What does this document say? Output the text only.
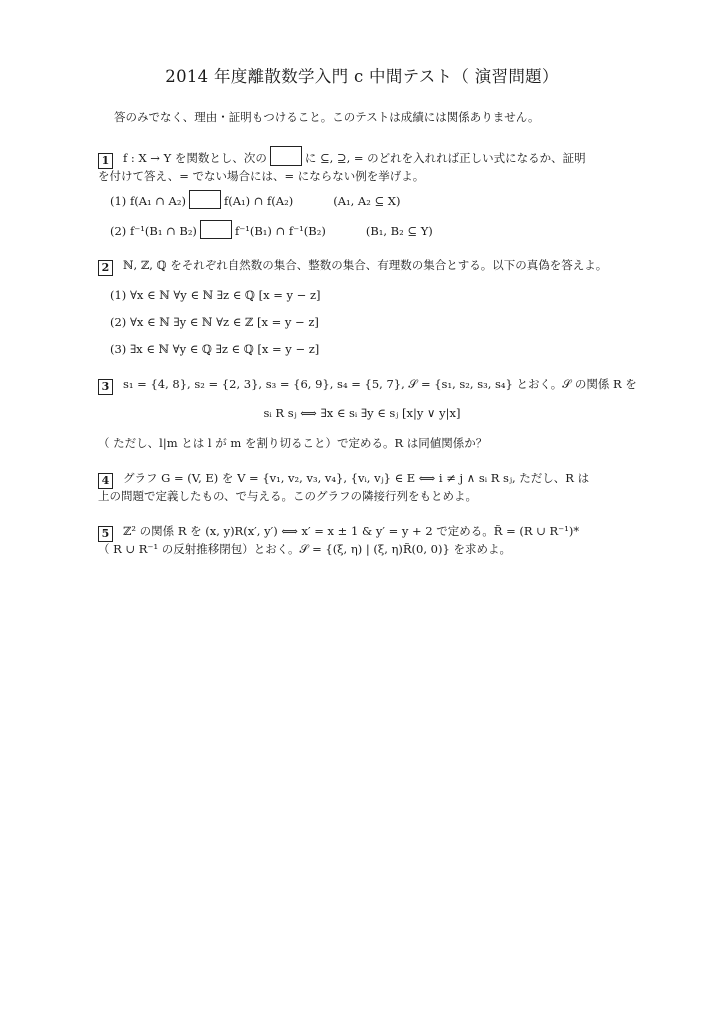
2014 年度離散数学入門 c 中間テスト（ 演習問題）
答のみでなく、理由・証明もつけること。このテストは成績には関係ありません。
1 f : X → Y を関数とし、次の	に ⊆, ⊇, = のどれを入れれば正しい式になるか、証明
を付けて答え、= でない場合には、= にならない例を挙げよ。
(1) f(A₁ ∩ A₂)	f(A₁) ∩ f(A₂)	(A₁, A₂ ⊆ X)
(2) f⁻¹(B₁ ∩ B₂)	f⁻¹(B₁) ∩ f⁻¹(B₂)	(B₁, B₂ ⊆ Y)
2 ℕ, ℤ, ℚ をそれぞれ自然数の集合、整数の集合、有理数の集合とする。以下の真偽を答えよ。
(1) ∀x ∈ ℕ ∀y ∈ ℕ ∃z ∈ ℚ [x = y − z]
(2) ∀x ∈ ℕ ∃y ∈ ℕ ∀z ∈ ℤ [x = y − z]
(3) ∃x ∈ ℕ ∀y ∈ ℚ ∃z ∈ ℚ [x = y − z]
3 s₁ = {4, 8}, s₂ = {2, 3}, s₃ = {6, 9}, s₄ = {5, 7}, 𝒮 = {s₁, s₂, s₃, s₄} とおく。𝒮 の関係 R を
sᵢ R sⱼ ⟺ ∃x ∈ sᵢ ∃y ∈ sⱼ [x|y ∨ y|x]
（ ただし、l|m とは l が m を割り切ること）で定める。R は同値関係か？
4 グラフ G = (V, E) を V = {v₁, v₂, v₃, v₄}, {vᵢ, vⱼ} ∈ E ⟺ i ≠ j ∧ sᵢ R sⱼ, ただし、R は
上の問題で定義したもの、で与える。このグラフの隣接行列をもとめよ。
5 ℤ² の関係 R を (x, y)R(x′, y′) ⟺ x′ = x ± 1 & y′ = y + 2 で定める。R̃ = (R ∪ R⁻¹)*
（ R ∪ R⁻¹ の反射推移閉包）とおく。𝒮 = {(ξ, η) | (ξ, η)R̃(0, 0)} を求めよ。
